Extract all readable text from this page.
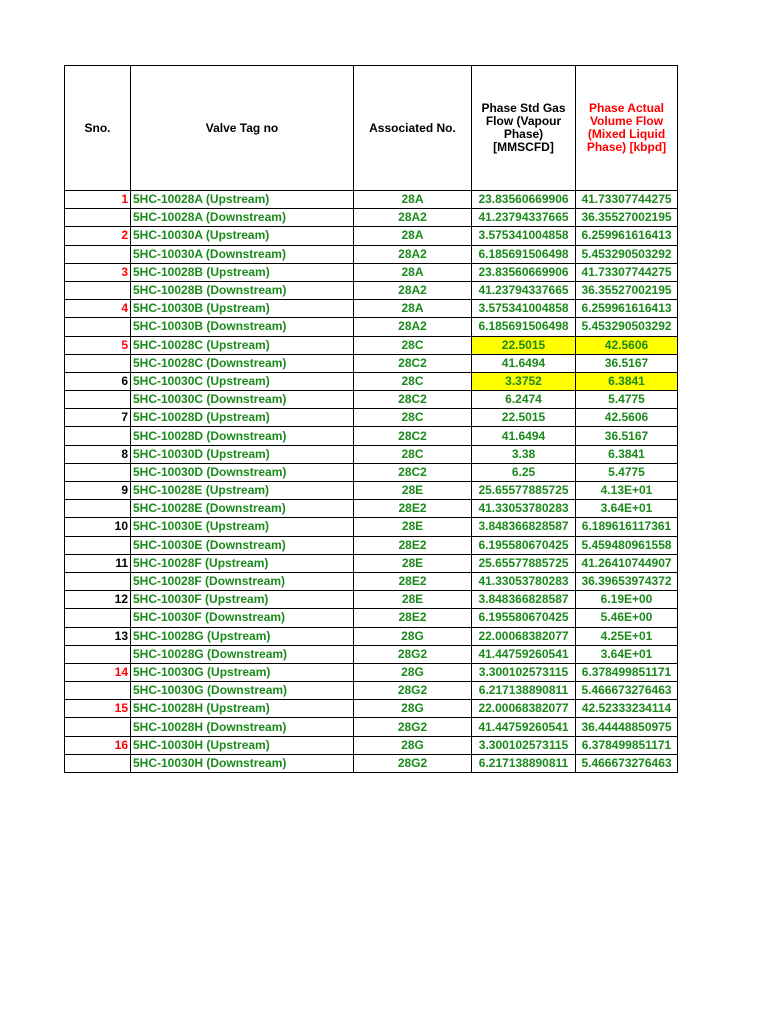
Sno.	Valve Tag no	Associated No.	Phase Std Gas Flow (Vapour Phase) [MMSCFD]	Phase Actual Volume Flow (Mixed Liquid Phase) [kbpd]
1	5HC-10028A (Upstream)	28A	23.83560669906	41.73307744275
	5HC-10028A (Downstream)	28A2	41.23794337665	36.35527002195
2	5HC-10030A (Upstream)	28A	3.575341004858	6.259961616413
	5HC-10030A (Downstream)	28A2	6.185691506498	5.453290503292
3	5HC-10028B (Upstream)	28A	23.83560669906	41.73307744275
	5HC-10028B (Downstream)	28A2	41.23794337665	36.35527002195
4	5HC-10030B (Upstream)	28A	3.575341004858	6.259961616413
	5HC-10030B (Downstream)	28A2	6.185691506498	5.453290503292
5	5HC-10028C (Upstream)	28C	22.5015	42.5606
	5HC-10028C (Downstream)	28C2	41.6494	36.5167
6	5HC-10030C (Upstream)	28C	3.3752	6.3841
	5HC-10030C (Downstream)	28C2	6.2474	5.4775
7	5HC-10028D (Upstream)	28C	22.5015	42.5606
	5HC-10028D (Downstream)	28C2	41.6494	36.5167
8	5HC-10030D (Upstream)	28C	3.38	6.3841
	5HC-10030D (Downstream)	28C2	6.25	5.4775
9	5HC-10028E (Upstream)	28E	25.65577885725	4.13E+01
	5HC-10028E (Downstream)	28E2	41.33053780283	3.64E+01
10	5HC-10030E (Upstream)	28E	3.848366828587	6.189616117361
	5HC-10030E (Downstream)	28E2	6.195580670425	5.459480961558
11	5HC-10028F (Upstream)	28E	25.65577885725	41.26410744907
	5HC-10028F (Downstream)	28E2	41.33053780283	36.39653974372
12	5HC-10030F (Upstream)	28E	3.848366828587	6.19E+00
	5HC-10030F (Downstream)	28E2	6.195580670425	5.46E+00
13	5HC-10028G (Upstream)	28G	22.00068382077	4.25E+01
	5HC-10028G (Downstream)	28G2	41.44759260541	3.64E+01
14	5HC-10030G (Upstream)	28G	3.300102573115	6.378499851171
	5HC-10030G (Downstream)	28G2	6.217138890811	5.466673276463
15	5HC-10028H (Upstream)	28G	22.00068382077	42.52333234114
	5HC-10028H (Downstream)	28G2	41.44759260541	36.44448850975
16	5HC-10030H (Upstream)	28G	3.300102573115	6.378499851171
	5HC-10030H (Downstream)	28G2	6.217138890811	5.466673276463
